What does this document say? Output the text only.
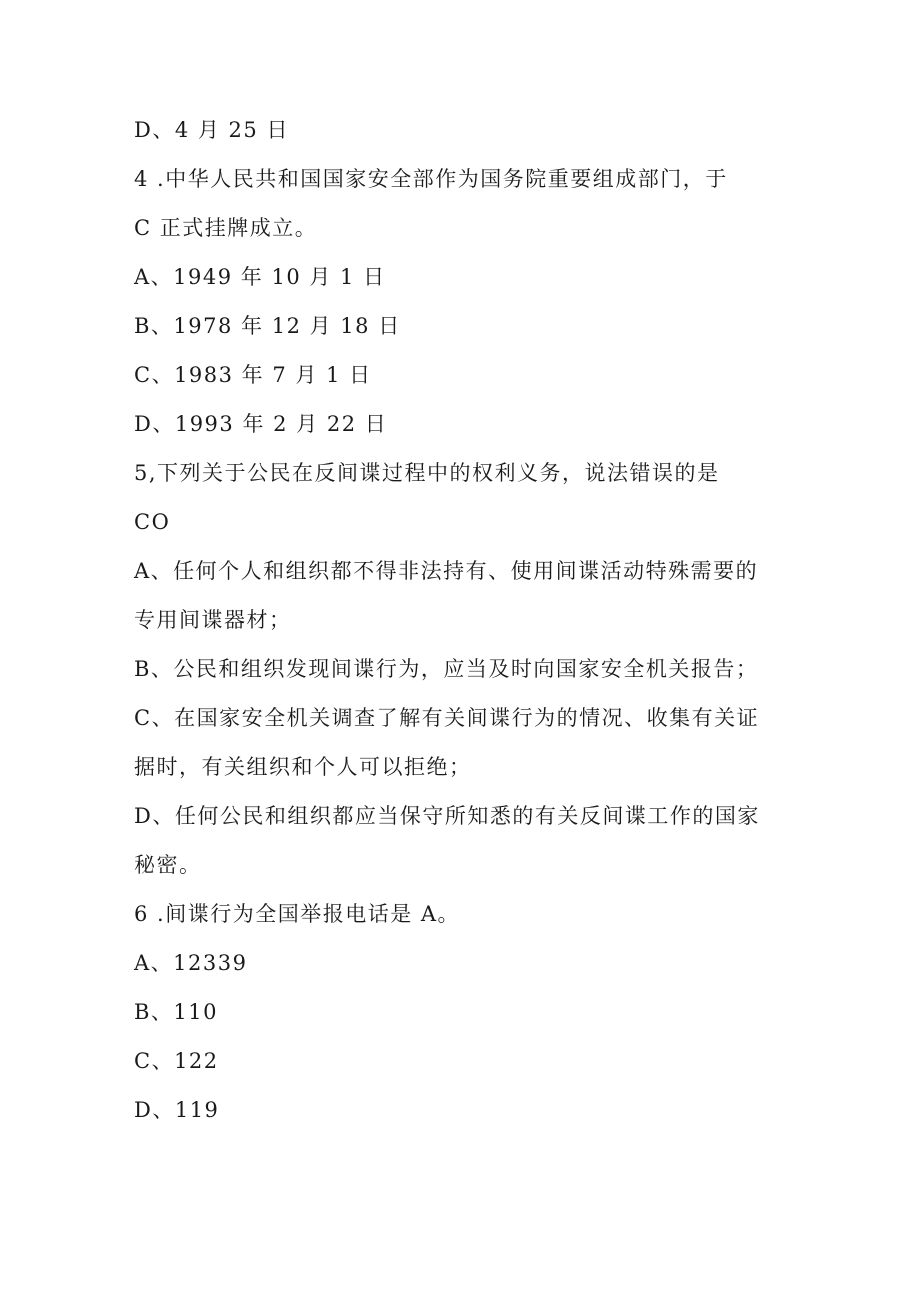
D、4 月 25 日
4 .中华人民共和国国家安全部作为国务院重要组成部门，于
C 正式挂牌成立。
A、1949 年 10 月 1 日
B、1978 年 12 月 18 日
C、1983 年 7 月 1 日
D、1993 年 2 月 22 日
5,下列关于公民在反间谍过程中的权利义务，说法错误的是
CO
A、任何个人和组织都不得非法持有、使用间谍活动特殊需要的
专用间谍器材；
B、公民和组织发现间谍行为，应当及时向国家安全机关报告；
C、在国家安全机关调查了解有关间谍行为的情况、收集有关证
据时，有关组织和个人可以拒绝；
D、任何公民和组织都应当保守所知悉的有关反间谍工作的国家
秘密。
6 .间谍行为全国举报电话是 A。
A、12339
B、110
C、122
D、119
